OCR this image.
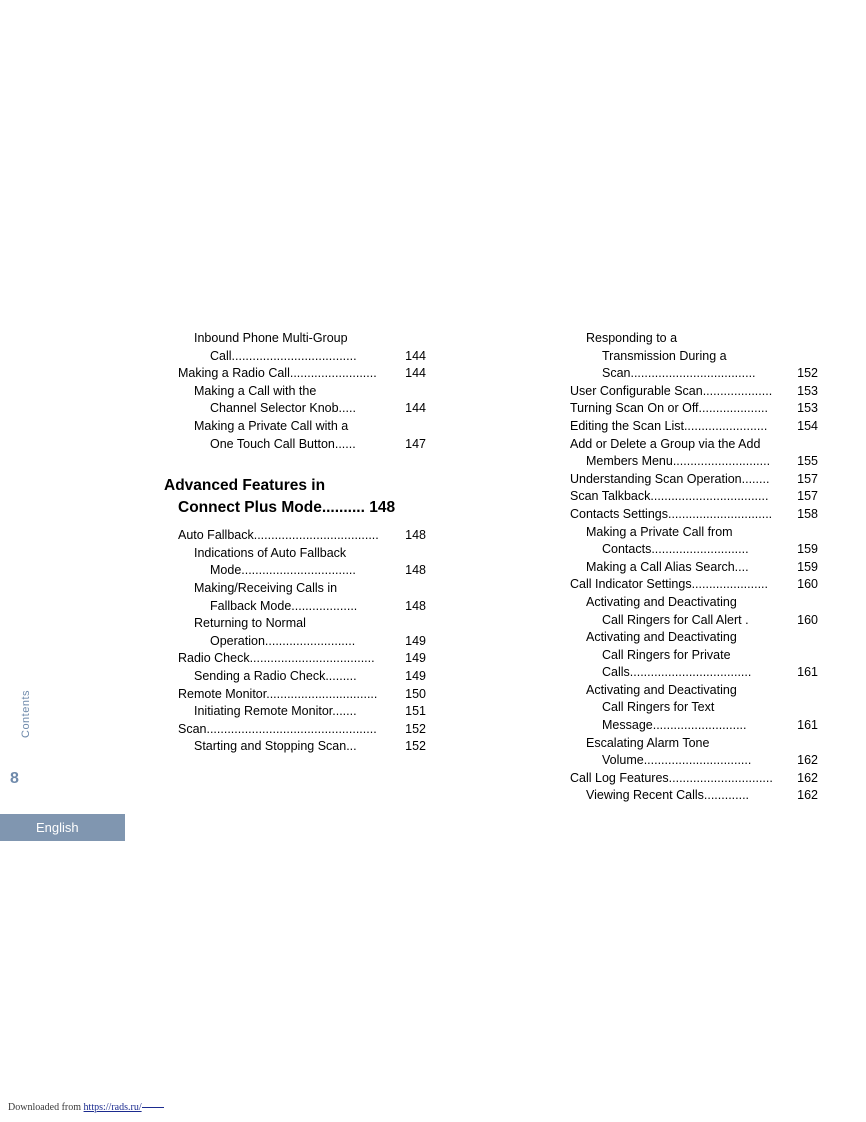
Contents
8
English
Inbound Phone Multi-Group
Call....................................	144
Making a Radio Call......................... 144
Making a Call with the
Channel Selector Knob.....	144
Making a Private Call with a
One Touch Call Button......	147
Advanced Features in
Connect Plus Mode.......... 148
Auto Fallback.................................... 148
Indications of Auto Fallback
Mode.................................	148
Making/Receiving Calls in
Fallback Mode...................	148
Returning to Normal
Operation..........................	149
Radio Check.................................... 149
Sending a Radio Check.........	149
Remote Monitor................................ 150
Initiating Remote Monitor.......	151
Scan................................................. 152
Starting and Stopping Scan...	152
Responding to a
Transmission During a
Scan....................................	152
User Configurable Scan.................... 153
Turning Scan On or Off.................... 153
Editing the Scan List........................ 154
Add or Delete a Group via the Add
Members Menu............................ 155
Understanding Scan Operation........ 157
Scan Talkback.................................. 157
Contacts Settings.............................. 158
Making a Private Call from
Contacts............................	159
Making a Call Alias Search....	159
Call Indicator Settings...................... 160
Activating and Deactivating
Call Ringers for Call Alert .	160
Activating and Deactivating
Call Ringers for Private
Calls...................................	161
Activating and Deactivating
Call Ringers for Text
Message...........................	161
Escalating Alarm Tone
Volume...............................	162
Call Log Features.............................. 162
Viewing Recent Calls.............	162
Downloaded from https://rads.ru/
